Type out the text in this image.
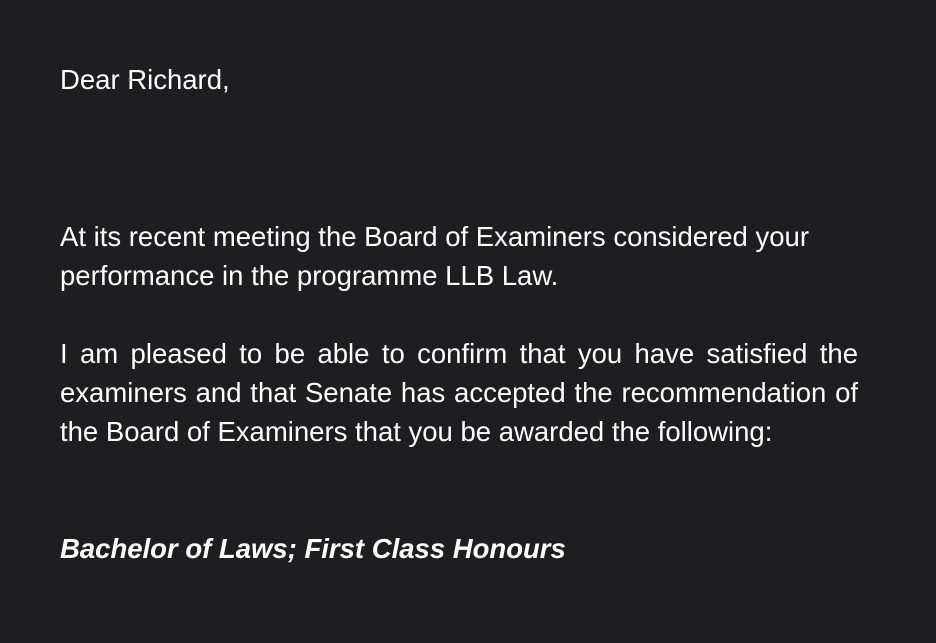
Dear Richard,

At its recent meeting the Board of Examiners considered your performance in the programme LLB Law.

I am pleased to be able to confirm that you have satisfied the examiners and that Senate has accepted the recommendation of the Board of Examiners that you be awarded the following:

Bachelor of Laws; First Class Honours
